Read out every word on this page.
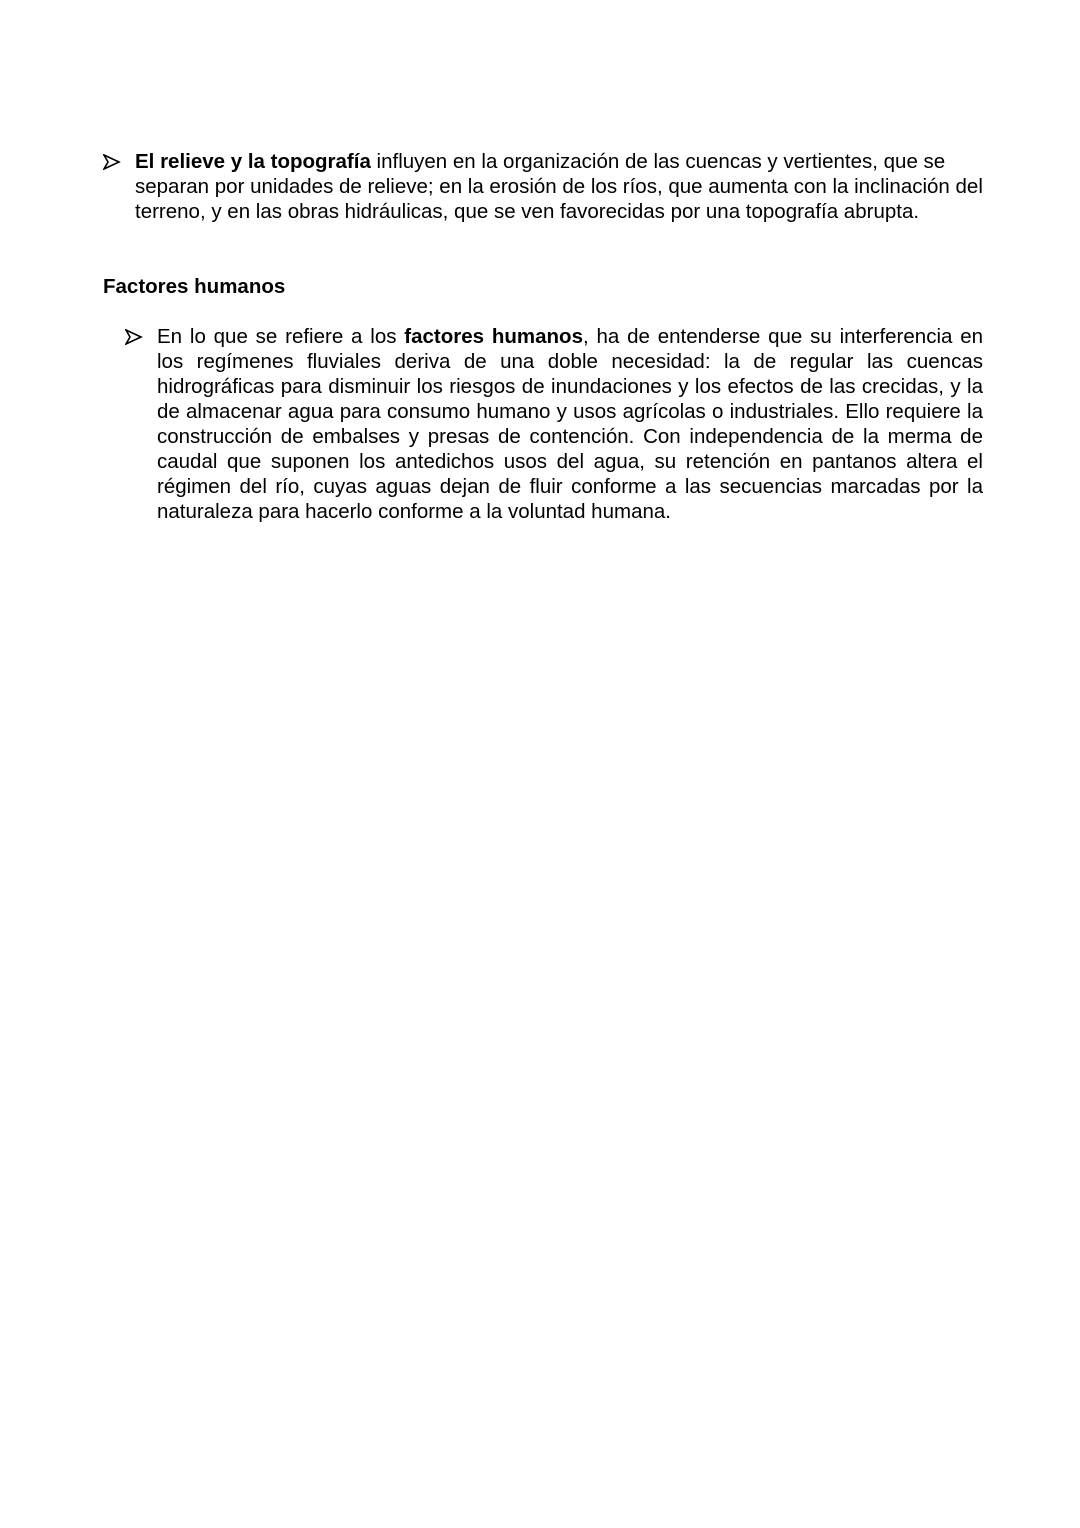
El relieve y la topografía influyen en la organización de las cuencas y vertientes, que se separan por unidades de relieve; en la erosión de los ríos, que aumenta con la inclinación del terreno, y en las obras hidráulicas, que se ven favorecidas por una topografía abrupta.
Factores humanos
En lo que se refiere a los factores humanos, ha de entenderse que su interferencia en los regímenes fluviales deriva de una doble necesidad: la de regular las cuencas hidrográficas para disminuir los riesgos de inundaciones y los efectos de las crecidas, y la de almacenar agua para consumo humano y usos agrícolas o industriales. Ello requiere la construcción de embalses y presas de contención. Con independencia de la merma de caudal que suponen los antedichos usos del agua, su retención en pantanos altera el régimen del río, cuyas aguas dejan de fluir conforme a las secuencias marcadas por la naturaleza para hacerlo conforme a la voluntad humana.
